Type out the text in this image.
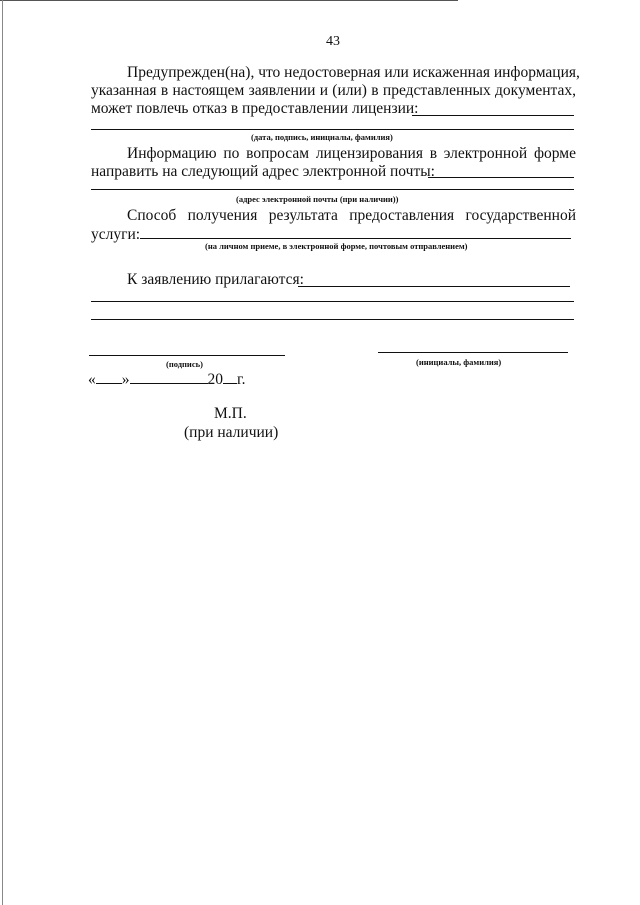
43
Предупрежден(на), что недостоверная или искаженная информация,
указанная в настоящем заявлении и (или) в представленных документах,
может повлечь отказ в предоставлении лицензии:
(дата, подпись, инициалы, фамилия)
Информацию по вопросам лицензирования в электронной форме
направить на следующий адрес электронной почты:
(адрес электронной почты (при наличии))
Способ получения результата предоставления государственной
услуги:
(на личном приеме, в электронной форме, почтовым отправлением)
К заявлению прилагаются:
(подпись)	(инициалы, фамилия)
« »	20 г.
М.П.
(при наличии)
